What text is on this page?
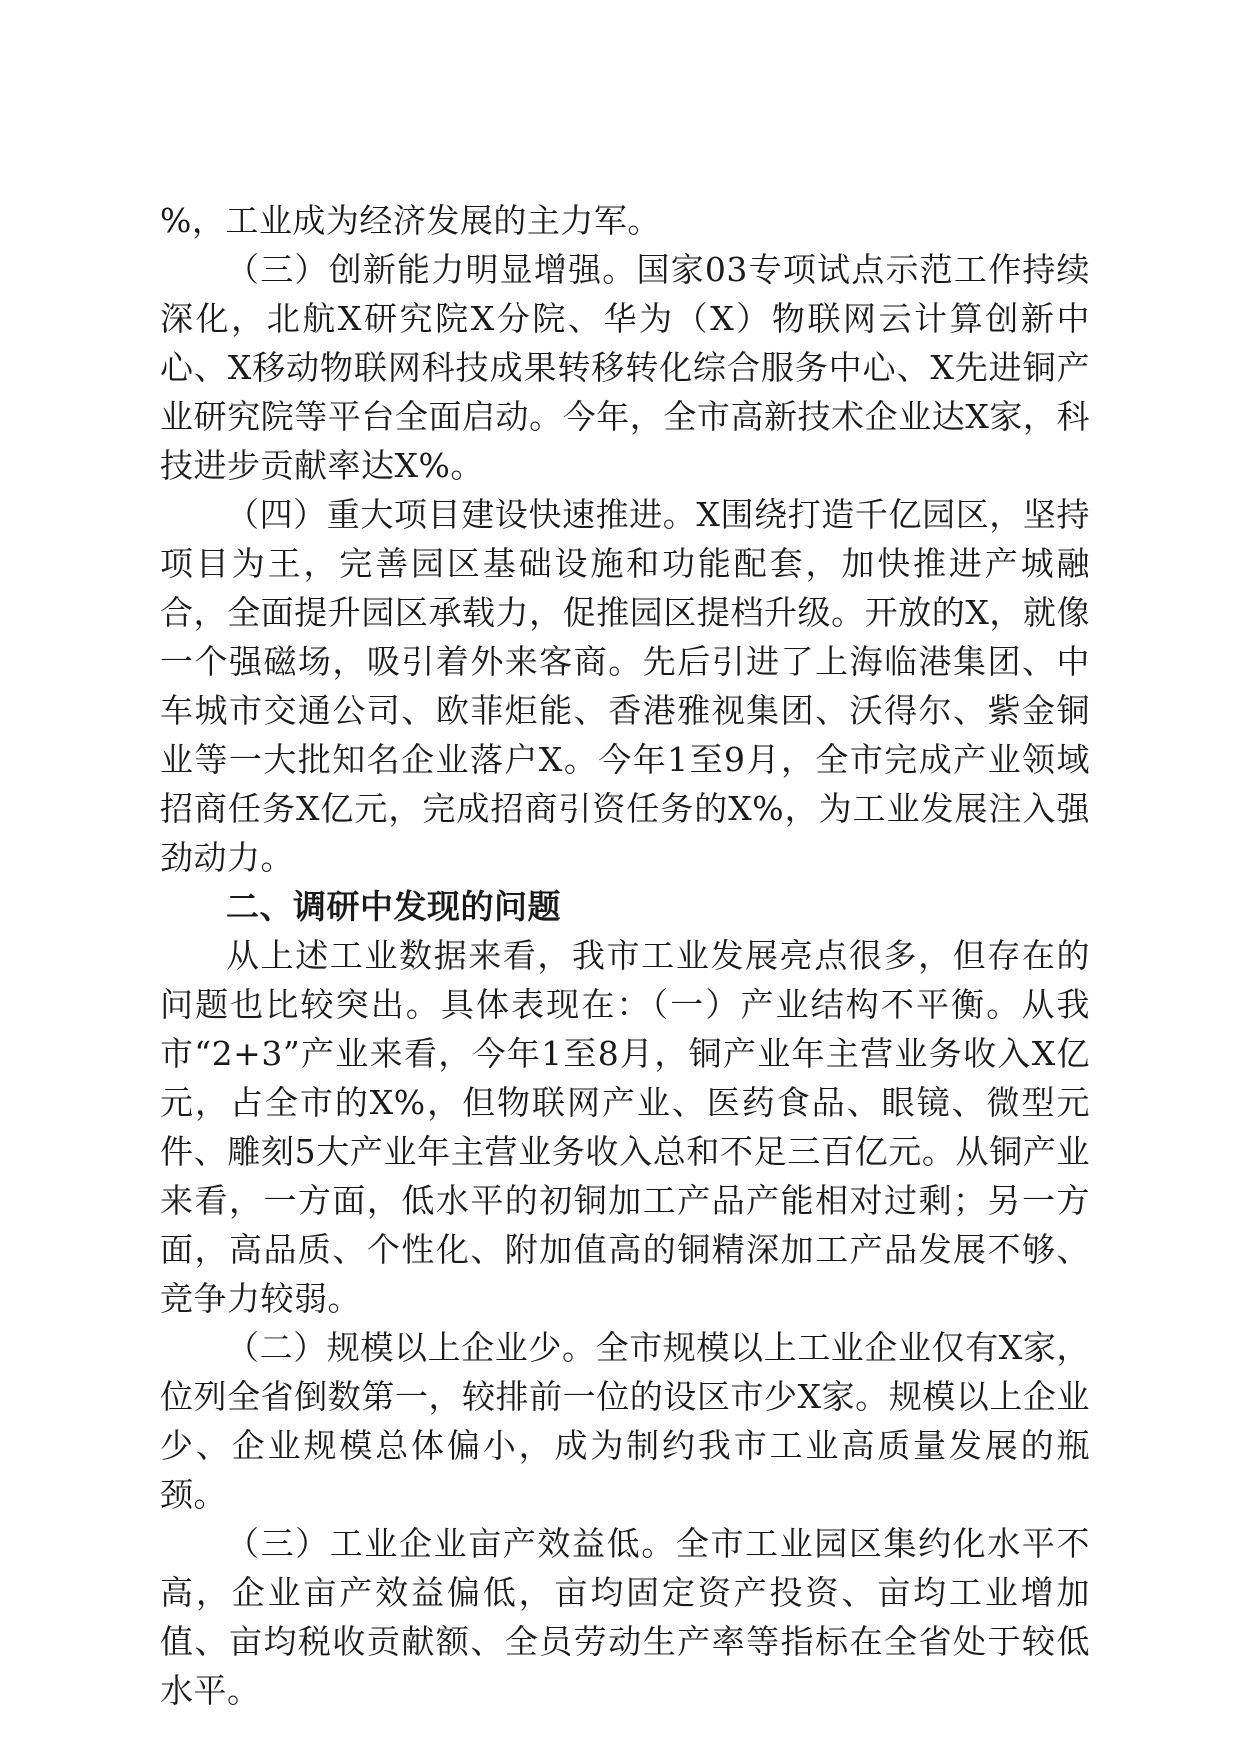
%，工业成为经济发展的主力军。

（三）创新能力明显增强。国家03专项试点示范工作持续深化，北航X研究院X分院、华为（X）物联网云计算创新中心、X移动物联网科技成果转移转化综合服务中心、X先进铜产业研究院等平台全面启动。今年，全市高新技术企业达X家，科技进步贡献率达X%。

（四）重大项目建设快速推进。X围绕打造千亿园区，坚持项目为王，完善园区基础设施和功能配套，加快推进产城融合，全面提升园区承载力，促推园区提档升级。开放的X，就像一个强磁场，吸引着外来客商。先后引进了上海临港集团、中车城市交通公司、欧菲炬能、香港雅视集团、沃得尔、紫金铜业等一大批知名企业落户X。今年1至9月，全市完成产业领域招商任务X亿元，完成招商引资任务的X%，为工业发展注入强劲动力。

二、调研中发现的问题

从上述工业数据来看，我市工业发展亮点很多，但存在的问题也比较突出。具体表现在：（一）产业结构不平衡。从我市“2+3”产业来看，今年1至8月，铜产业年主营业务收入X亿元，占全市的X%，但物联网产业、医药食品、眼镜、微型元件、雕刻5大产业年主营业务收入总和不足三百亿元。从铜产业来看，一方面，低水平的初铜加工产品产能相对过剩；另一方面，高品质、个性化、附加值高的铜精深加工产品发展不够、竞争力较弱。

（二）规模以上企业少。全市规模以上工业企业仅有X家，位列全省倒数第一，较排前一位的设区市少X家。规模以上企业少、企业规模总体偏小，成为制约我市工业高质量发展的瓶颈。

（三）工业企业亩产效益低。全市工业园区集约化水平不高，企业亩产效益偏低，亩均固定资产投资、亩均工业增加值、亩均税收贡献额、全员劳动生产率等指标在全省处于较低水平。
